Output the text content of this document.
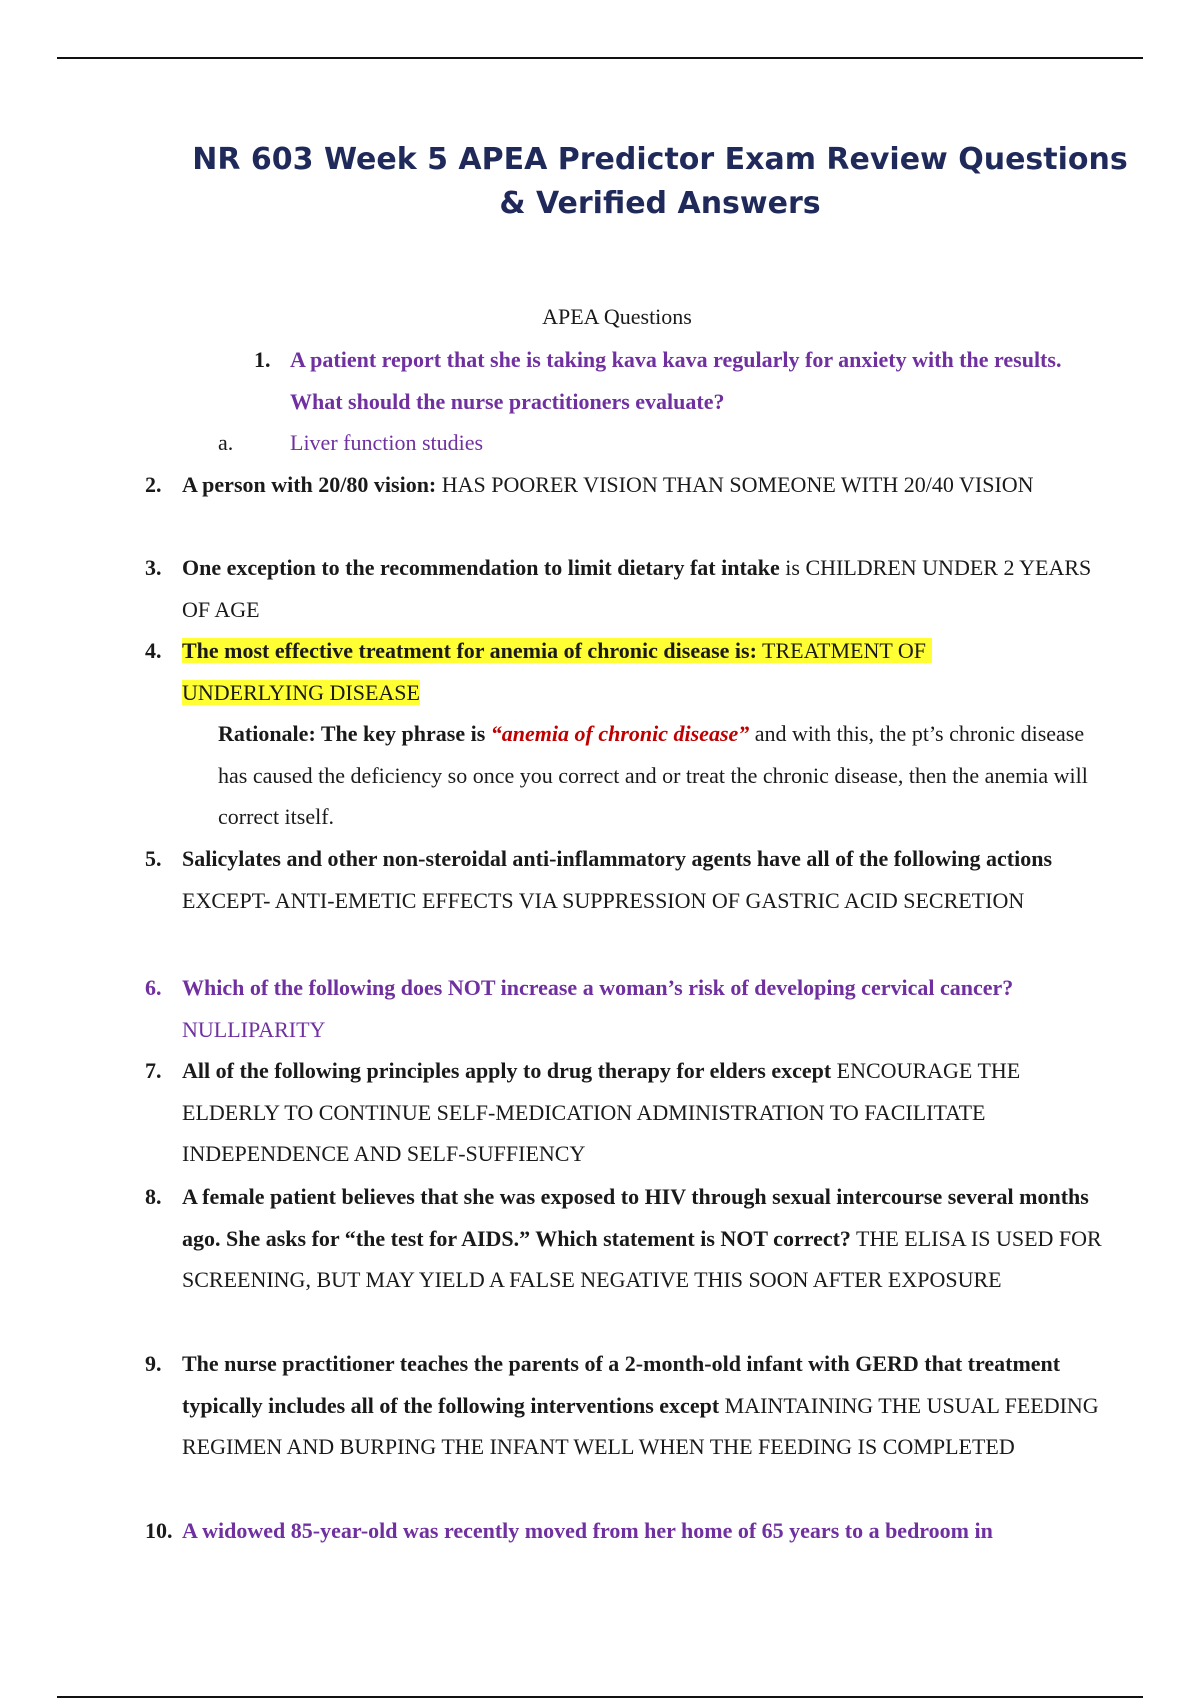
NR 603 Week 5 APEA Predictor Exam Review Questions
& Verified Answers
APEA Questions
1. A patient report that she is taking kava kava regularly for anxiety with the results. What should the nurse practitioners evaluate?
a.	Liver function studies
2. A person with 20/80 vision: HAS POORER VISION THAN SOMEONE WITH 20/40 VISION
3. One exception to the recommendation to limit dietary fat intake is CHILDREN UNDER 2 YEARS OF AGE
4. The most effective treatment for anemia of chronic disease is: TREATMENT OF UNDERLYING DISEASE
Rationale: The key phrase is “anemia of chronic disease” and with this, the pt’s chronic disease has caused the deficiency so once you correct and or treat the chronic disease, then the anemia will correct itself.
5. Salicylates and other non-steroidal anti-inflammatory agents have all of the following actions EXCEPT- ANTI-EMETIC EFFECTS VIA SUPPRESSION OF GASTRIC ACID SECRETION
6. Which of the following does NOT increase a woman’s risk of developing cervical cancer? NULLIPARITY
7. All of the following principles apply to drug therapy for elders except ENCOURAGE THE ELDERLY TO CONTINUE SELF-MEDICATION ADMINISTRATION TO FACILITATE INDEPENDENCE AND SELF-SUFFIENCY
8. A female patient believes that she was exposed to HIV through sexual intercourse several months ago. She asks for “the test for AIDS.” Which statement is NOT correct? THE ELISA IS USED FOR SCREENING, BUT MAY YIELD A FALSE NEGATIVE THIS SOON AFTER EXPOSURE
9. The nurse practitioner teaches the parents of a 2-month-old infant with GERD that treatment typically includes all of the following interventions except MAINTAINING THE USUAL FEEDING REGIMEN AND BURPING THE INFANT WELL WHEN THE FEEDING IS COMPLETED
10. A widowed 85-year-old was recently moved from her home of 65 years to a bedroom in
